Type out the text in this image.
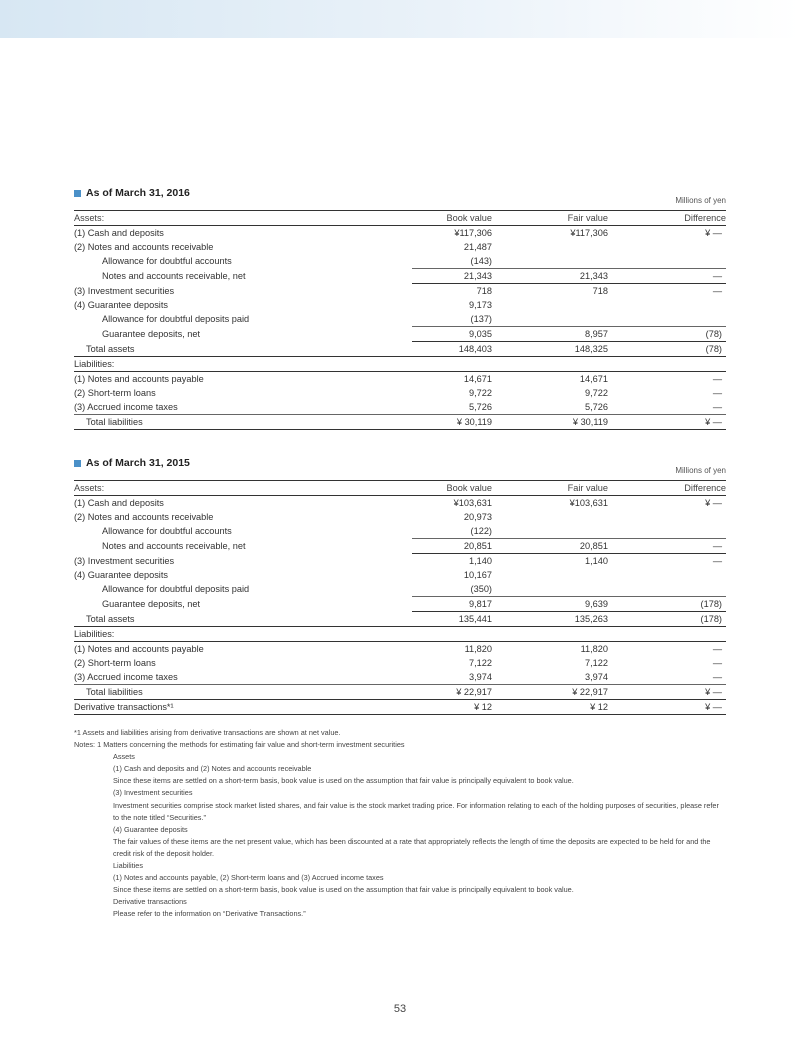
As of March 31, 2016
Millions of yen
Assets:	Book value	Fair value	Difference
(1) Cash and deposits	¥117,306	¥117,306	¥ —
(2) Notes and accounts receivable	21,487		
Allowance for doubtful accounts	(143)		
Notes and accounts receivable, net	21,343	21,343	—
(3) Investment securities	718	718	—
(4) Guarantee deposits	9,173		
Allowance for doubtful deposits paid	(137)		
Guarantee deposits, net	9,035	8,957	(78)
Total assets	148,403	148,325	(78)
Liabilities:			
(1) Notes and accounts payable	14,671	14,671	—
(2) Short-term loans	9,722	9,722	—
(3) Accrued income taxes	5,726	5,726	—
Total liabilities	¥ 30,119	¥ 30,119	¥ —
As of March 31, 2015
Millions of yen
Assets:	Book value	Fair value	Difference
(1) Cash and deposits	¥103,631	¥103,631	¥ —
(2) Notes and accounts receivable	20,973		
Allowance for doubtful accounts	(122)		
Notes and accounts receivable, net	20,851	20,851	—
(3) Investment securities	1,140	1,140	—
(4) Guarantee deposits	10,167		
Allowance for doubtful deposits paid	(350)		
Guarantee deposits, net	9,817	9,639	(178)
Total assets	135,441	135,263	(178)
Liabilities:			
(1) Notes and accounts payable	11,820	11,820	—
(2) Short-term loans	7,122	7,122	—
(3) Accrued income taxes	3,974	3,974	—
Total liabilities	¥ 22,917	¥ 22,917	¥ —
Derivative transactions*¹	¥ 12	¥ 12	¥ —
*1 Assets and liabilities arising from derivative transactions are shown at net value.
Notes: 1 Matters concerning the methods for estimating fair value and short-term investment securities
Assets
(1) Cash and deposits and (2) Notes and accounts receivable
Since these items are settled on a short-term basis, book value is used on the assumption that fair value is principally equivalent to book value.
(3) Investment securities
Investment securities comprise stock market listed shares, and fair value is the stock market trading price. For information relating to each of the holding purposes of securities, please refer to the note titled “Securities.”
(4) Guarantee deposits
The fair values of these items are the net present value, which has been discounted at a rate that appropriately reflects the length of time the deposits are expected to be held for and the credit risk of the deposit holder.
Liabilities
(1) Notes and accounts payable, (2) Short-term loans and (3) Accrued income taxes
Since these items are settled on a short-term basis, book value is used on the assumption that fair value is principally equivalent to book value.
Derivative transactions
Please refer to the information on “Derivative Transactions.”
53
